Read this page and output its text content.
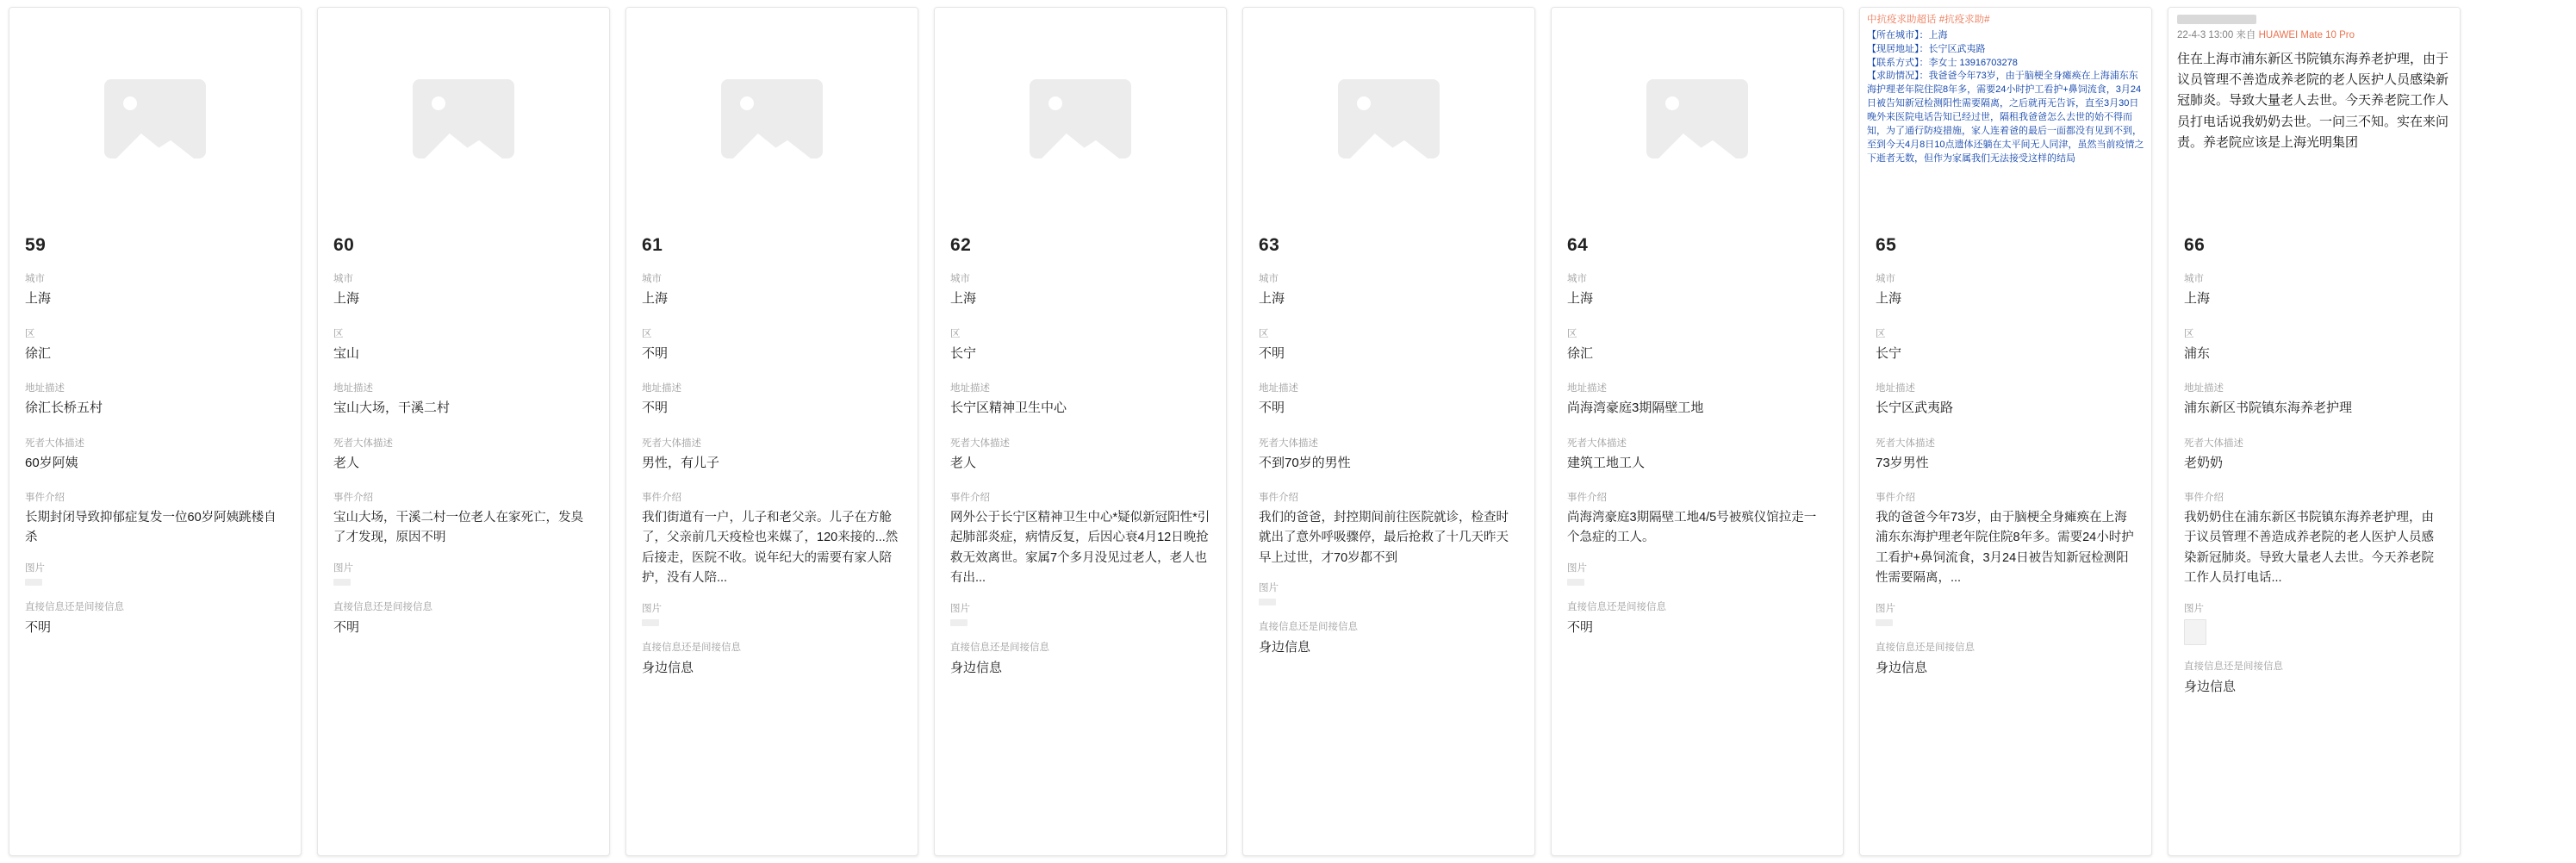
59
城市
上海
区
徐汇
地址描述
徐汇长桥五村
死者大体描述
60岁阿姨
事件介绍
长期封闭导致抑郁症复发一位60岁阿姨跳楼自杀
图片
直接信息还是间接信息
不明
60
城市
上海
区
宝山
地址描述
宝山大场，干溪二村
死者大体描述
老人
事件介绍
宝山大场，干溪二村一位老人在家死亡，发臭了才发现，原因不明
图片
直接信息还是间接信息
不明
61
城市
上海
区
不明
地址描述
不明
死者大体描述
男性，有儿子
事件介绍
我们街道有一户，儿子和老父亲。儿子在方舱了，父亲前几天疫检也来媒了，120来接的...然后接走，医院不收。说年纪大的需要有家人陪护，没有人陪...
图片
直接信息还是间接信息
身边信息
62
城市
上海
区
长宁
地址描述
长宁区精神卫生中心
死者大体描述
老人
事件介绍
网外公于长宁区精神卫生中心*疑似新冠阳性*引起肺部炎症，病情反复，后因心衰4月12日晚抢救无效离世。家属7个多月没见过老人，老人也有出...
图片
直接信息还是间接信息
身边信息
63
城市
上海
区
不明
地址描述
不明
死者大体描述
不到70岁的男性
事件介绍
我们的爸爸，封控期间前往医院就诊，检查时就出了意外呼吸骤停，最后抢救了十几天昨天早上过世，才70岁都不到
图片
直接信息还是间接信息
身边信息
64
城市
上海
区
徐汇
地址描述
尚海湾豪庭3期隔壁工地
死者大体描述
建筑工地工人
事件介绍
尚海湾豪庭3期隔壁工地4/5号被殡仪馆拉走一个急症的工人。
图片
直接信息还是间接信息
不明
中抗疫求助超话 #抗疫求助#
【所在城市】：上海
【现居地址】：长宁区武夷路
【联系方式】：李女士 13916703278
【求助情况】：我爸爸今年73岁，由于脑梗全身瘫痪在上海浦东东海护理老年院住院8年多，需要24小时护工看护+鼻饲流食，3月24日被告知新冠检测阳性需要隔离，之后就再无告诉，直至3月30日晚外来医院电话告知已经过世，隔租我爸爸怎么去世的始不得而知，为了通行防疫措施，家人连着爸的最后一面都没有见到不到，至到今天4月8日10点遗体还躺在太平间无人同津，虽然当前疫情之下逝者无数，但作为家属我们无法接受这样的结局
65
城市
上海
区
长宁
地址描述
长宁区武夷路
死者大体描述
73岁男性
事件介绍
我的爸爸今年73岁，由于脑梗全身瘫痪在上海浦东东海护理老年院住院8年多。需要24小时护工看护+鼻饲流食，3月24日被告知新冠检测阳性需要隔离，...
图片
直接信息还是间接信息
身边信息
22-4-3 13:00 来自 HUAWEI Mate 10 Pro
住在上海市浦东新区书院镇东海养老护理，由于议员管理不善造成养老院的老人医护人员感染新冠肺炎。导致大量老人去世。今天养老院工作人员打电话说我奶奶去世。一问三不知。实在来问责。养老院应该是上海光明集团
66
城市
上海
区
浦东
地址描述
浦东新区书院镇东海养老护理
死者大体描述
老奶奶
事件介绍
我奶奶住在浦东新区书院镇东海养老护理，由于议员管理不善造成养老院的老人医护人员感染新冠肺炎。导致大量老人去世。今天养老院工作人员打电话...
图片
直接信息还是间接信息
身边信息
